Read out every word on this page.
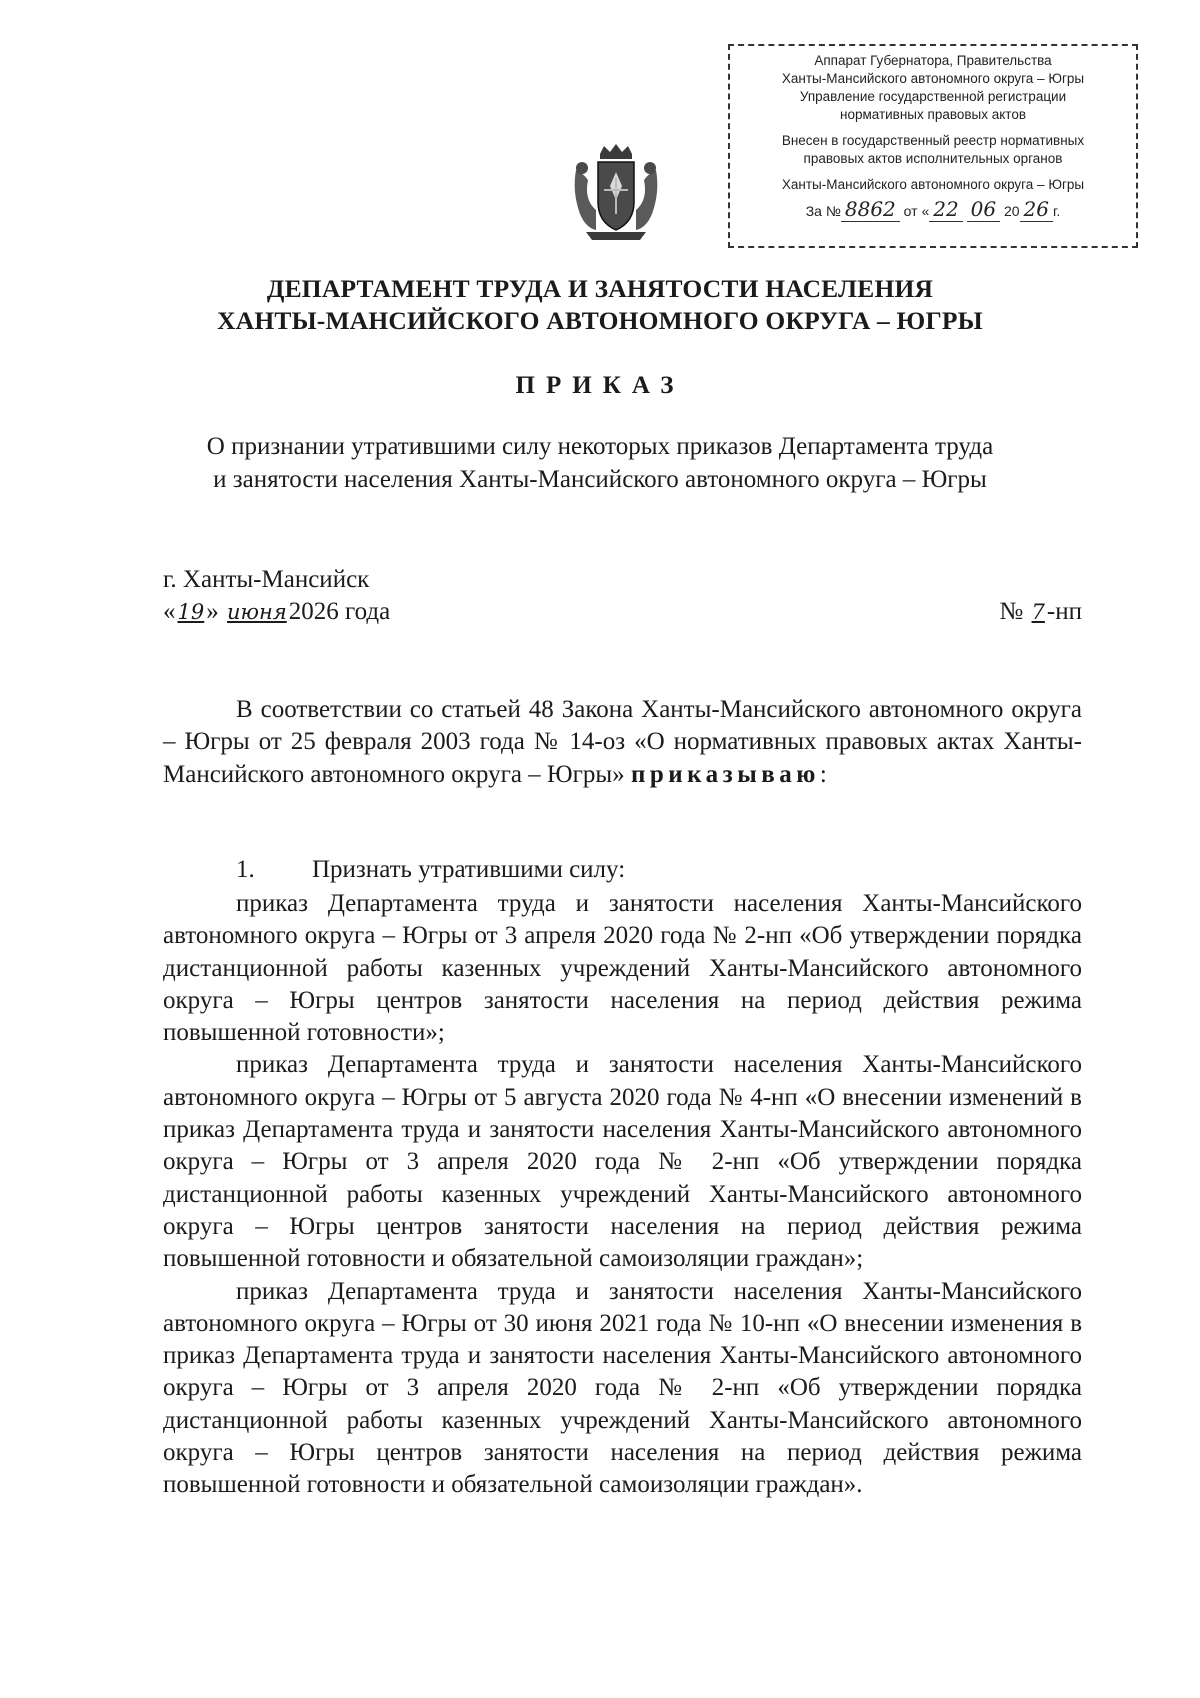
Аппарат Губернатора, Правительства
Ханты-Мансийского автономного округа – Югры
Управление государственной регистрации
нормативных правовых актов
Внесен в государственный реестр нормативных
правовых актов исполнительных органов
Ханты-Мансийского автономного округа – Югры
За № 8862 от « 22 06 20 26 г.
ДЕПАРТАМЕНТ ТРУДА И ЗАНЯТОСТИ НАСЕЛЕНИЯ
ХАНТЫ-МАНСИЙСКОГО АВТОНОМНОГО ОКРУГА – ЮГРЫ
ПРИКАЗ
О признании утратившими силу некоторых приказов Департамента труда
и занятости населения Ханты-Мансийского автономного округа – Югры
г. Ханты-Мансийск
«19» июня2026 года	№ 7-нп

В соответствии со статьей 48 Закона Ханты-Мансийского автономного округа – Югры от 25 февраля 2003 года № 14-оз «О нормативных правовых актах Ханты-Мансийского автономного округа – Югры» приказываю:

1. Признать утратившими силу:

приказ Департамента труда и занятости населения Ханты-Мансийского автономного округа – Югры от 3 апреля 2020 года № 2-нп «Об утверждении порядка дистанционной работы казенных учреждений Ханты-Мансийского автономного округа – Югры центров занятости населения на период действия режима повышенной готовности»;

приказ Департамента труда и занятости населения Ханты-Мансийского автономного округа – Югры от 5 августа 2020 года № 4-нп «О внесении изменений в приказ Департамента труда и занятости населения Ханты-Мансийского автономного округа – Югры от 3 апреля 2020 года № 2-нп «Об утверждении порядка дистанционной работы казенных учреждений Ханты-Мансийского автономного округа – Югры центров занятости населения на период действия режима повышенной готовности и обязательной самоизоляции граждан»;

приказ Департамента труда и занятости населения Ханты-Мансийского автономного округа – Югры от 30 июня 2021 года № 10-нп «О внесении изменения в приказ Департамента труда и занятости населения Ханты-Мансийского автономного округа – Югры от 3 апреля 2020 года № 2-нп «Об утверждении порядка дистанционной работы казенных учреждений Ханты-Мансийского автономного округа – Югры центров занятости населения на период действия режима повышенной готовности и обязательной самоизоляции граждан».
